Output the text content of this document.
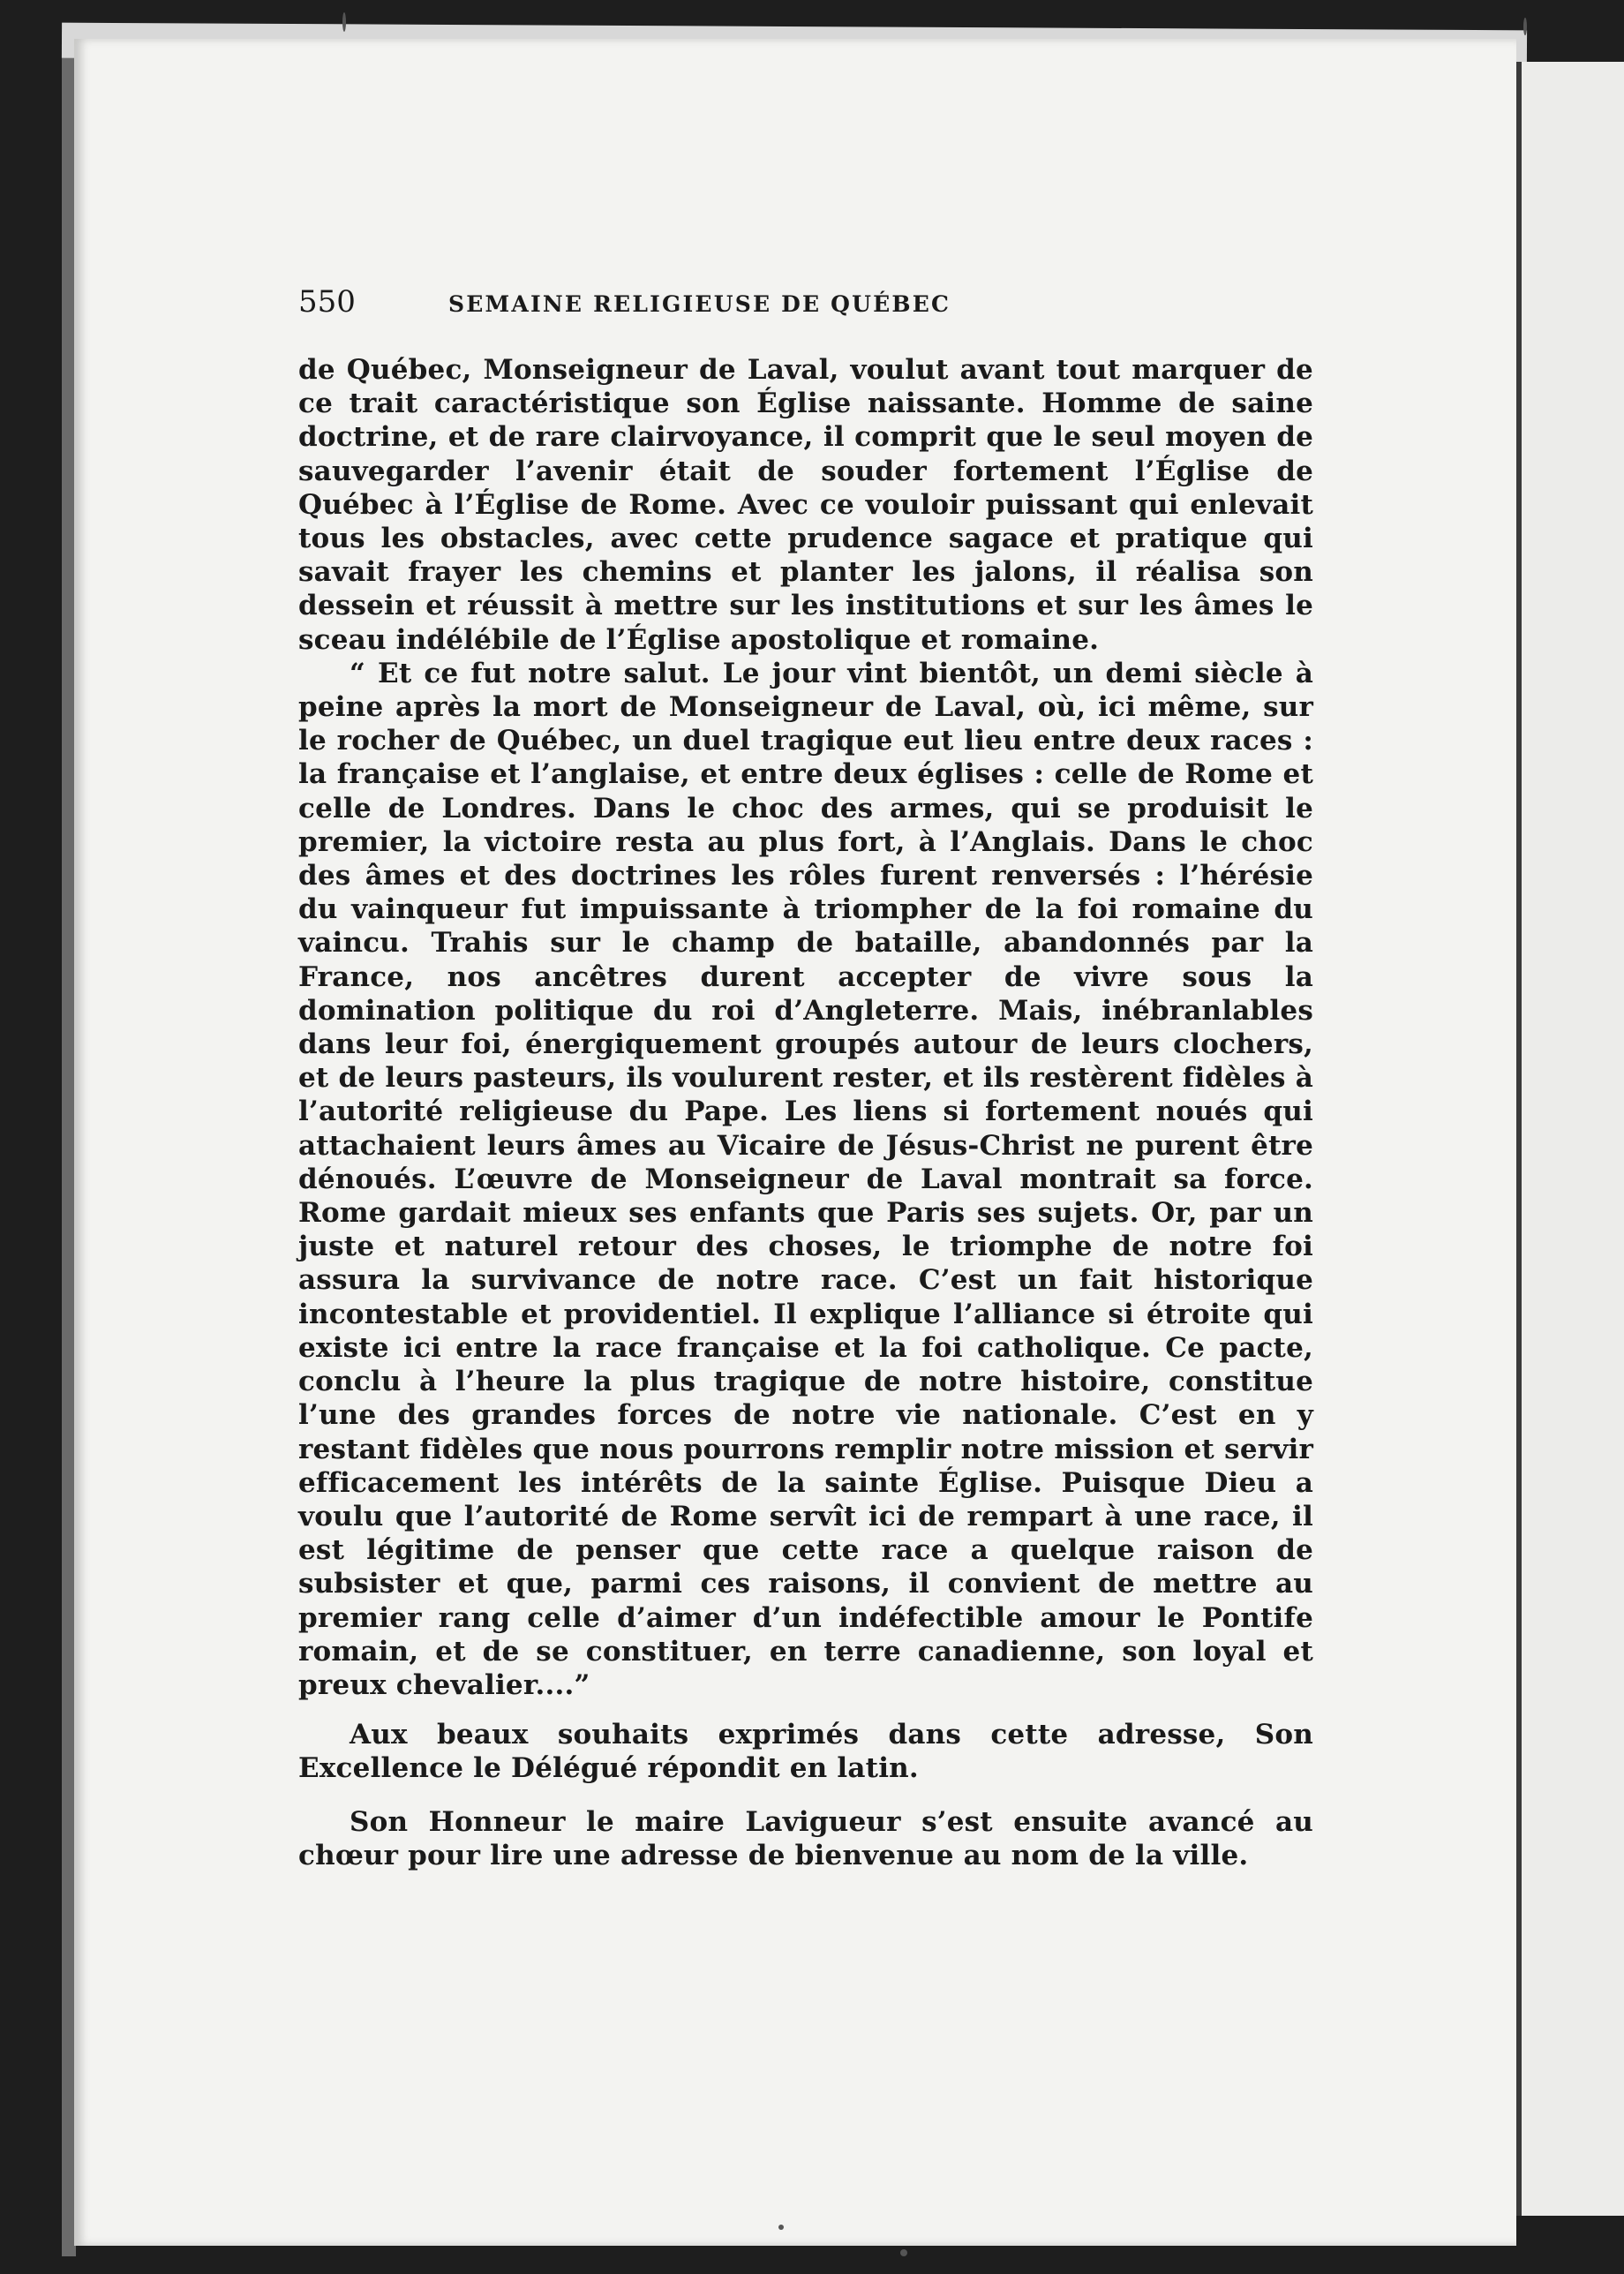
550	SEMAINE RELIGIEUSE DE QUÉBEC

de Québec, Monseigneur de Laval, voulut avant tout marquer de ce trait caractéristique son Église naissante. Homme de saine doctrine, et de rare clairvoyance, il comprit que le seul moyen de sauvegarder l’avenir était de souder fortement l’Église de Québec à l’Église de Rome. Avec ce vouloir puissant qui enlevait tous les obstacles, avec cette prudence sagace et pratique qui savait frayer les chemins et planter les jalons, il réalisa son dessein et réussit à mettre sur les institutions et sur les âmes le sceau indélébile de l’Église apostolique et romaine.

“ Et ce fut notre salut. Le jour vint bientôt, un demi siècle à peine après la mort de Monseigneur de Laval, où, ici même, sur le rocher de Québec, un duel tragique eut lieu entre deux races : la française et l’anglaise, et entre deux églises : celle de Rome et celle de Londres. Dans le choc des armes, qui se produisit le premier, la victoire resta au plus fort, à l’Anglais. Dans le choc des âmes et des doctrines les rôles furent renversés : l’hérésie du vainqueur fut impuissante à triompher de la foi romaine du vaincu. Trahis sur le champ de bataille, abandonnés par la France, nos ancêtres durent accepter de vivre sous la domination politique du roi d’Angleterre. Mais, inébranlables dans leur foi, énergiquement groupés autour de leurs clochers, et de leurs pasteurs, ils voulurent rester, et ils restèrent fidèles à l’autorité religieuse du Pape. Les liens si fortement noués qui attachaient leurs âmes au Vicaire de Jésus-Christ ne purent être dénoués. L’œuvre de Monseigneur de Laval montrait sa force. Rome gardait mieux ses enfants que Paris ses sujets. Or, par un juste et naturel retour des choses, le triomphe de notre foi assura la survivance de notre race. C’est un fait historique incontestable et providentiel. Il explique l’alliance si étroite qui existe ici entre la race française et la foi catholique. Ce pacte, conclu à l’heure la plus tragique de notre histoire, constitue l’une des grandes forces de notre vie nationale. C’est en y restant fidèles que nous pourrons remplir notre mission et servir efficacement les intérêts de la sainte Église. Puisque Dieu a voulu que l’autorité de Rome servît ici de rempart à une race, il est légitime de penser que cette race a quelque raison de subsister et que, parmi ces raisons, il convient de mettre au premier rang celle d’aimer d’un indéfectible amour le Pontife romain, et de se constituer, en terre canadienne, son loyal et preux chevalier....”

Aux beaux souhaits exprimés dans cette adresse, Son Excellence le Délégué répondit en latin.

Son Honneur le maire Lavigueur s’est ensuite avancé au chœur pour lire une adresse de bienvenue au nom de la ville.
